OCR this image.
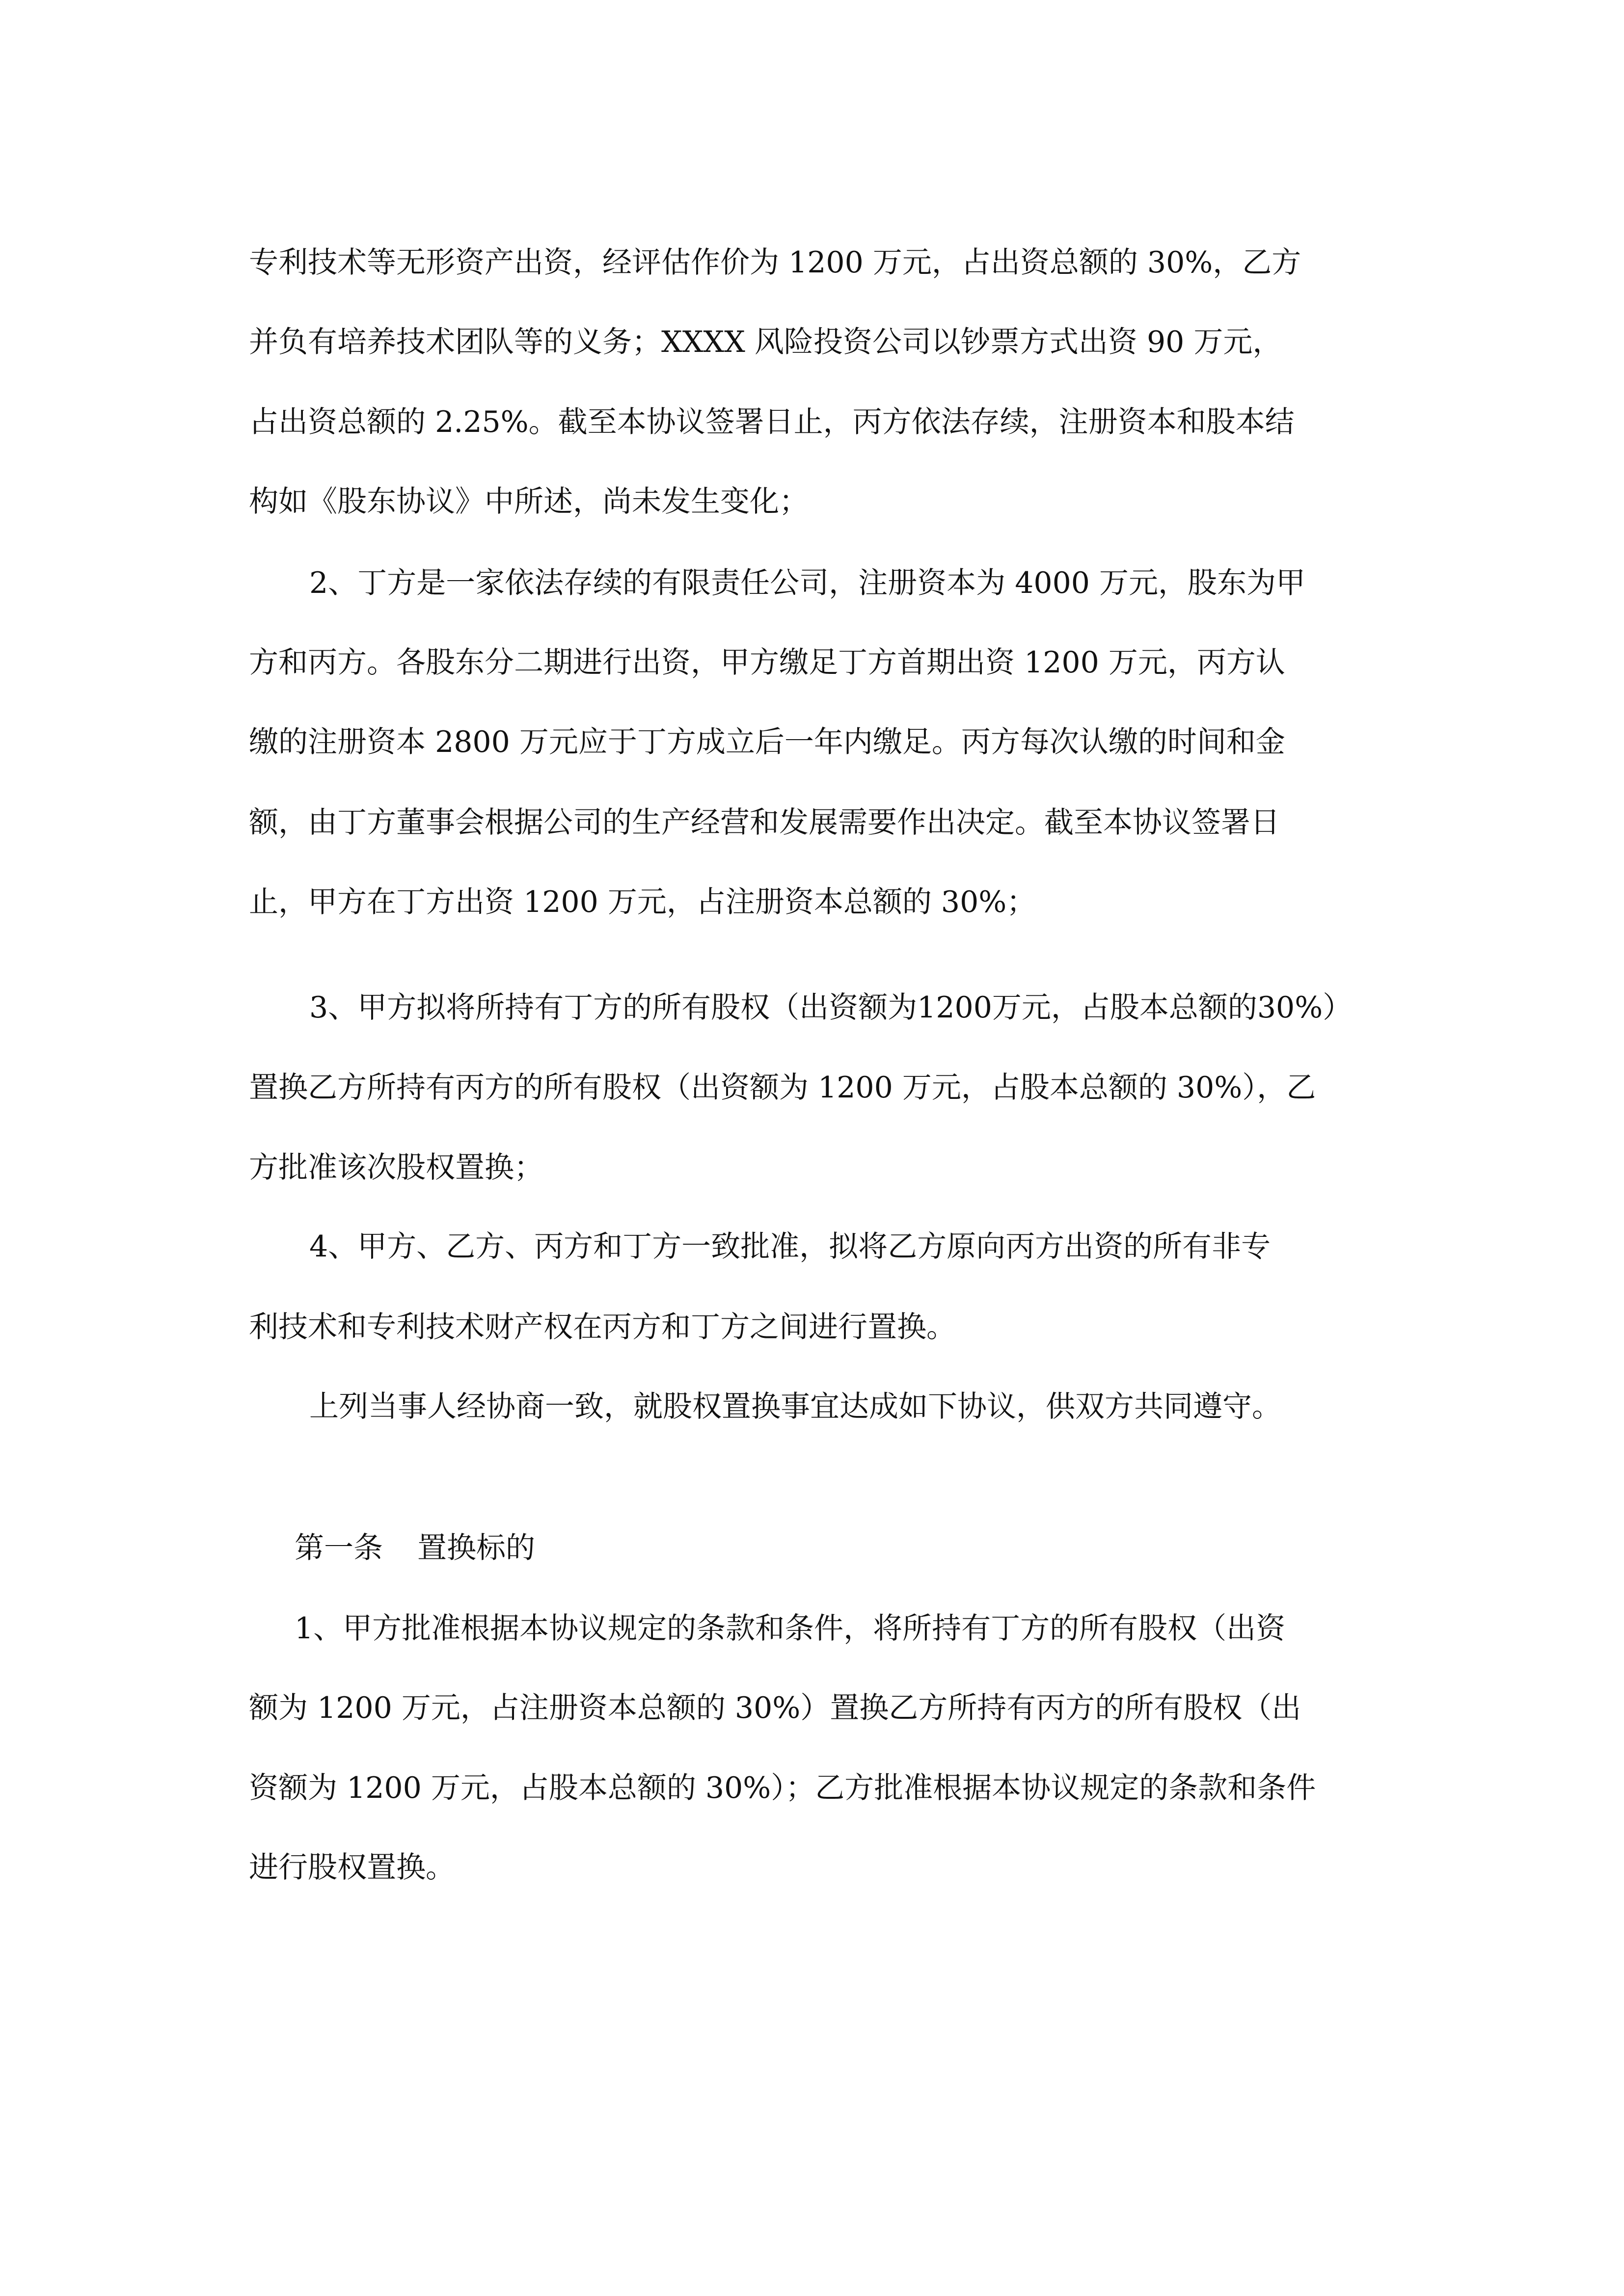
专利技术等无形资产出资，经评估作价为 1200 万元，占出资总额的 30%，乙方
并负有培养技术团队等的义务；XXXX 风险投资公司以钞票方式出资 90 万元，
占出资总额的 2.25%。截至本协议签署日止，丙方依法存续，注册资本和股本结
构如《股东协议》中所述，尚未发生变化；
2、丁方是一家依法存续的有限责任公司，注册资本为 4000 万元，股东为甲
方和丙方。各股东分二期进行出资，甲方缴足丁方首期出资 1200 万元，丙方认
缴的注册资本 2800 万元应于丁方成立后一年内缴足。丙方每次认缴的时间和金
额，由丁方董事会根据公司的生产经营和发展需要作出决定。截至本协议签署日
止，甲方在丁方出资 1200 万元，占注册资本总额的 30%；
3、甲方拟将所持有丁方的所有股权（出资额为1200万元，占股本总额的30%）
置换乙方所持有丙方的所有股权（出资额为 1200 万元，占股本总额的 30%），乙
方批准该次股权置换；
4、甲方、乙方、丙方和丁方一致批准，拟将乙方原向丙方出资的所有非专
利技术和专利技术财产权在丙方和丁方之间进行置换。
上列当事人经协商一致，就股权置换事宜达成如下协议，供双方共同遵守。
第一条 置换标的
1、甲方批准根据本协议规定的条款和条件，将所持有丁方的所有股权（出资
额为 1200 万元，占注册资本总额的 30%）置换乙方所持有丙方的所有股权（出
资额为 1200 万元，占股本总额的 30%）；乙方批准根据本协议规定的条款和条件
进行股权置换。
